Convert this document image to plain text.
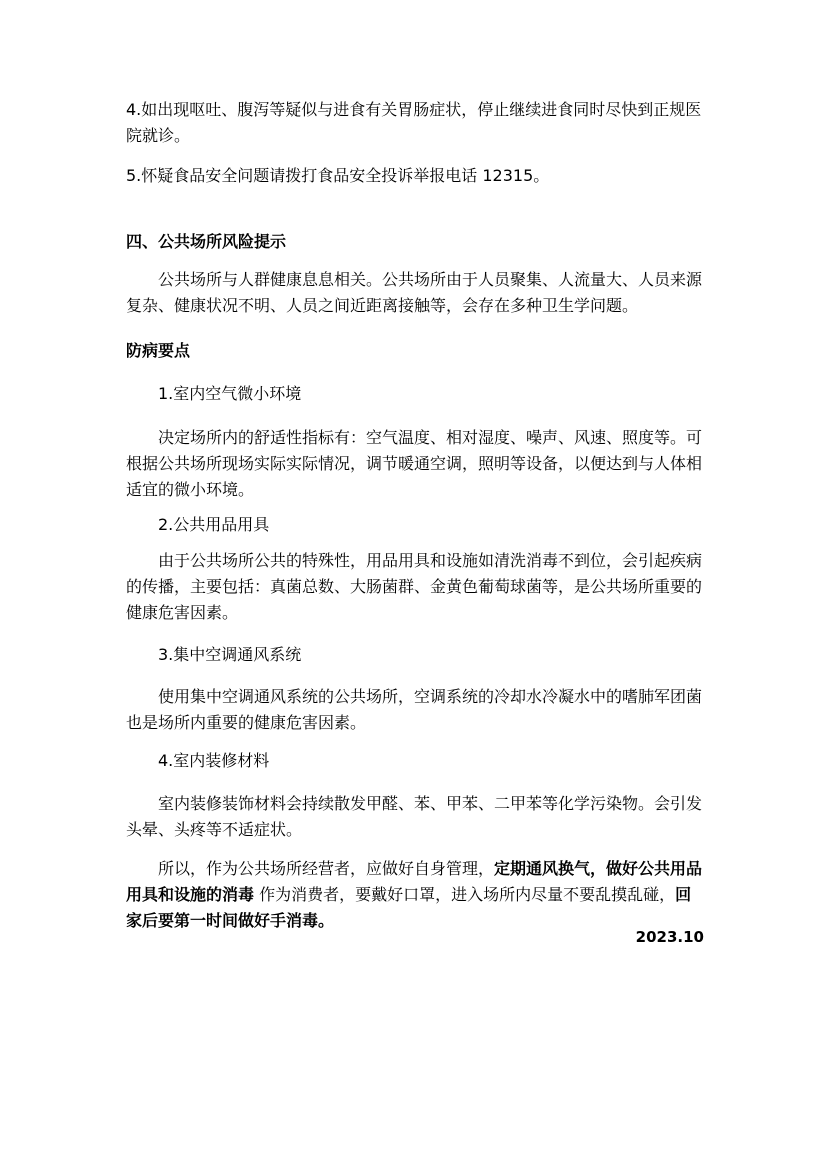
4.如出现呕吐、腹泻等疑似与进食有关胃肠症状，停止继续进食同时尽快到正规医院就诊。

5.怀疑食品安全问题请拨打食品安全投诉举报电话 12315。

四、公共场所风险提示

公共场所与人群健康息息相关。公共场所由于人员聚集、人流量大、人员来源复杂、健康状况不明、人员之间近距离接触等，会存在多种卫生学问题。

防病要点

1.室内空气微小环境

决定场所内的舒适性指标有：空气温度、相对湿度、噪声、风速、照度等。可根据公共场所现场实际实际情况，调节暖通空调，照明等设备，以便达到与人体相适宜的微小环境。

2.公共用品用具

由于公共场所公共的特殊性，用品用具和设施如清洗消毒不到位，会引起疾病的传播，主要包括：真菌总数、大肠菌群、金黄色葡萄球菌等，是公共场所重要的健康危害因素。

3.集中空调通风系统

使用集中空调通风系统的公共场所，空调系统的冷却水冷凝水中的嗜肺军团菌也是场所内重要的健康危害因素。

4.室内装修材料

室内装修装饰材料会持续散发甲醛、苯、甲苯、二甲苯等化学污染物。会引发头晕、头疼等不适症状。

所以，作为公共场所经营者，应做好自身管理，定期通风换气，做好公共用品用具和设施的消毒 作为消费者，要戴好口罩，进入场所内尽量不要乱摸乱碰，回家后要第一时间做好手消毒。

2023.10
